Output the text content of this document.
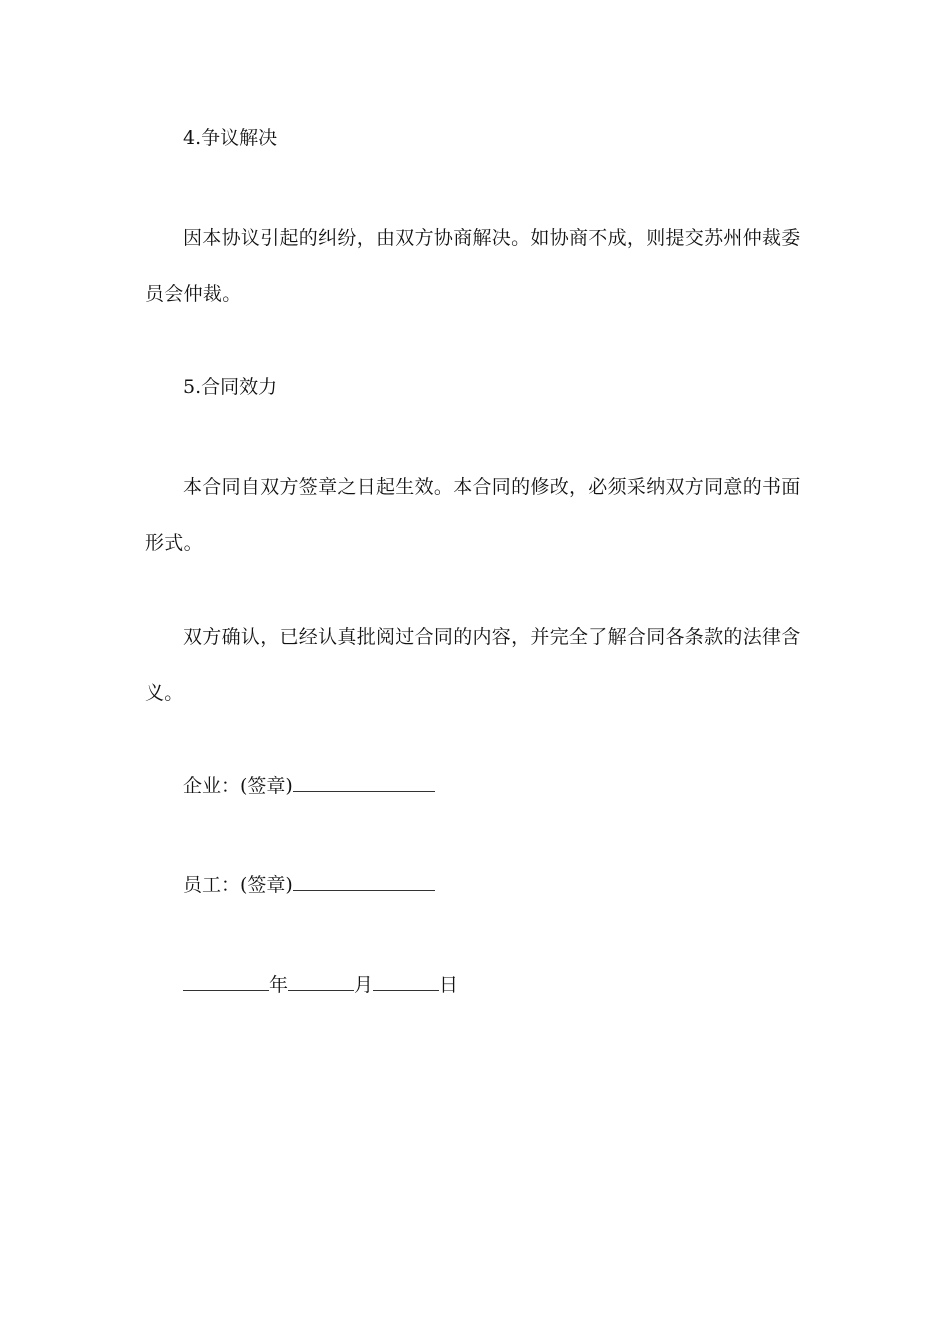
4.争议解决
因本协议引起的纠纷，由双方协商解决。如协商不成，则提交苏州仲裁委员会仲裁。
5.合同效力
本合同自双方签章之日起生效。本合同的修改，必须采纳双方同意的书面形式。
双方确认，已经认真批阅过合同的内容，并完全了解合同各条款的法律含义。
企业：(签章)
员工：(签章)
年	月	日
